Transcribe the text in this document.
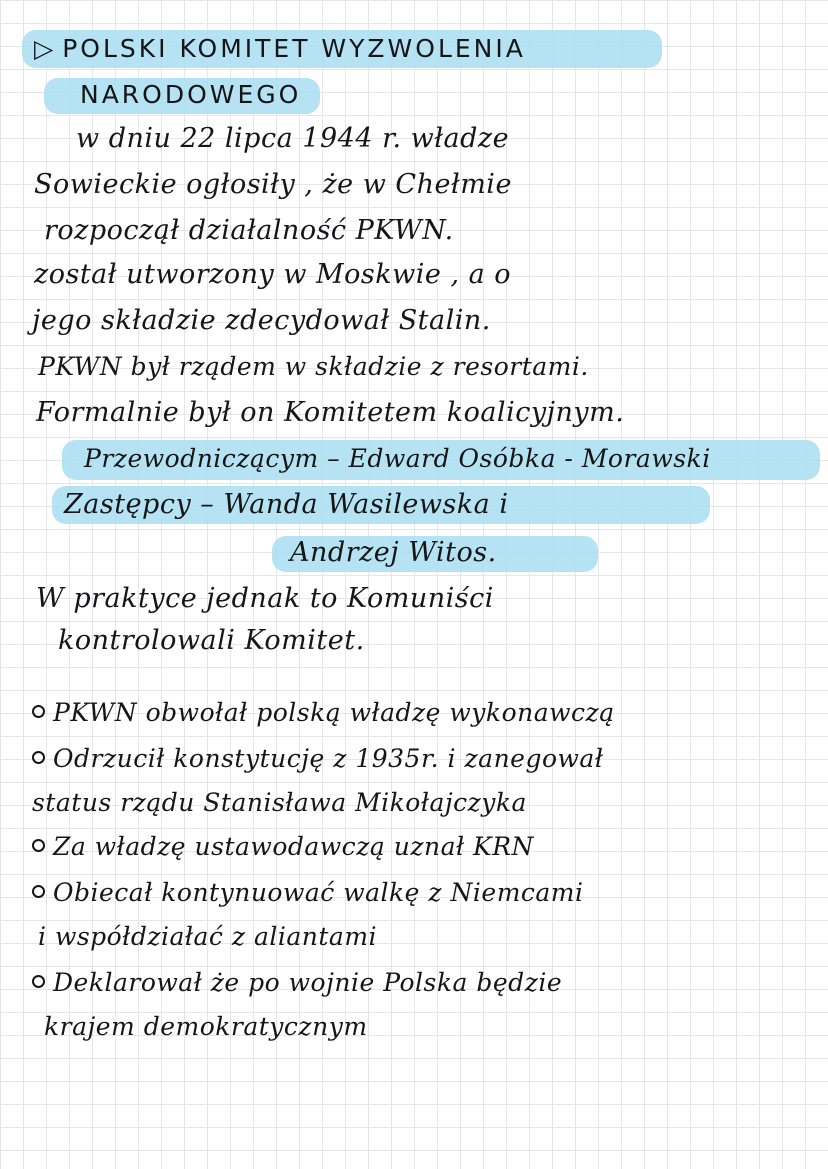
▷ POLSKI KOMITET WYZWOLENIA
NARODOWEGO
w dniu 22 lipca 1944 r. władze
Sowieckie ogłosiły , że w Chełmie
rozpoczął działalność PKWN.
został utworzony w Moskwie , a o
jego składzie zdecydował Stalin.
PKWN był rządem w składzie z resortami.
Formalnie był on Komitetem koalicyjnym.
Przewodniczącym – Edward Osóbka - Morawski
Zastępcy – Wanda Wasilewska i
Andrzej Witos.
W praktyce jednak to Komuniści
kontrolowali Komitet.
PKWN obwołał polską władzę wykonawczą
Odrzucił konstytucję z 1935r. i zanegował
status rządu Stanisława Mikołajczyka
Za władzę ustawodawczą uznał KRN
Obiecał kontynuować walkę z Niemcami
i współdziałać z aliantami
Deklarował że po wojnie Polska będzie
krajem demokratycznym
